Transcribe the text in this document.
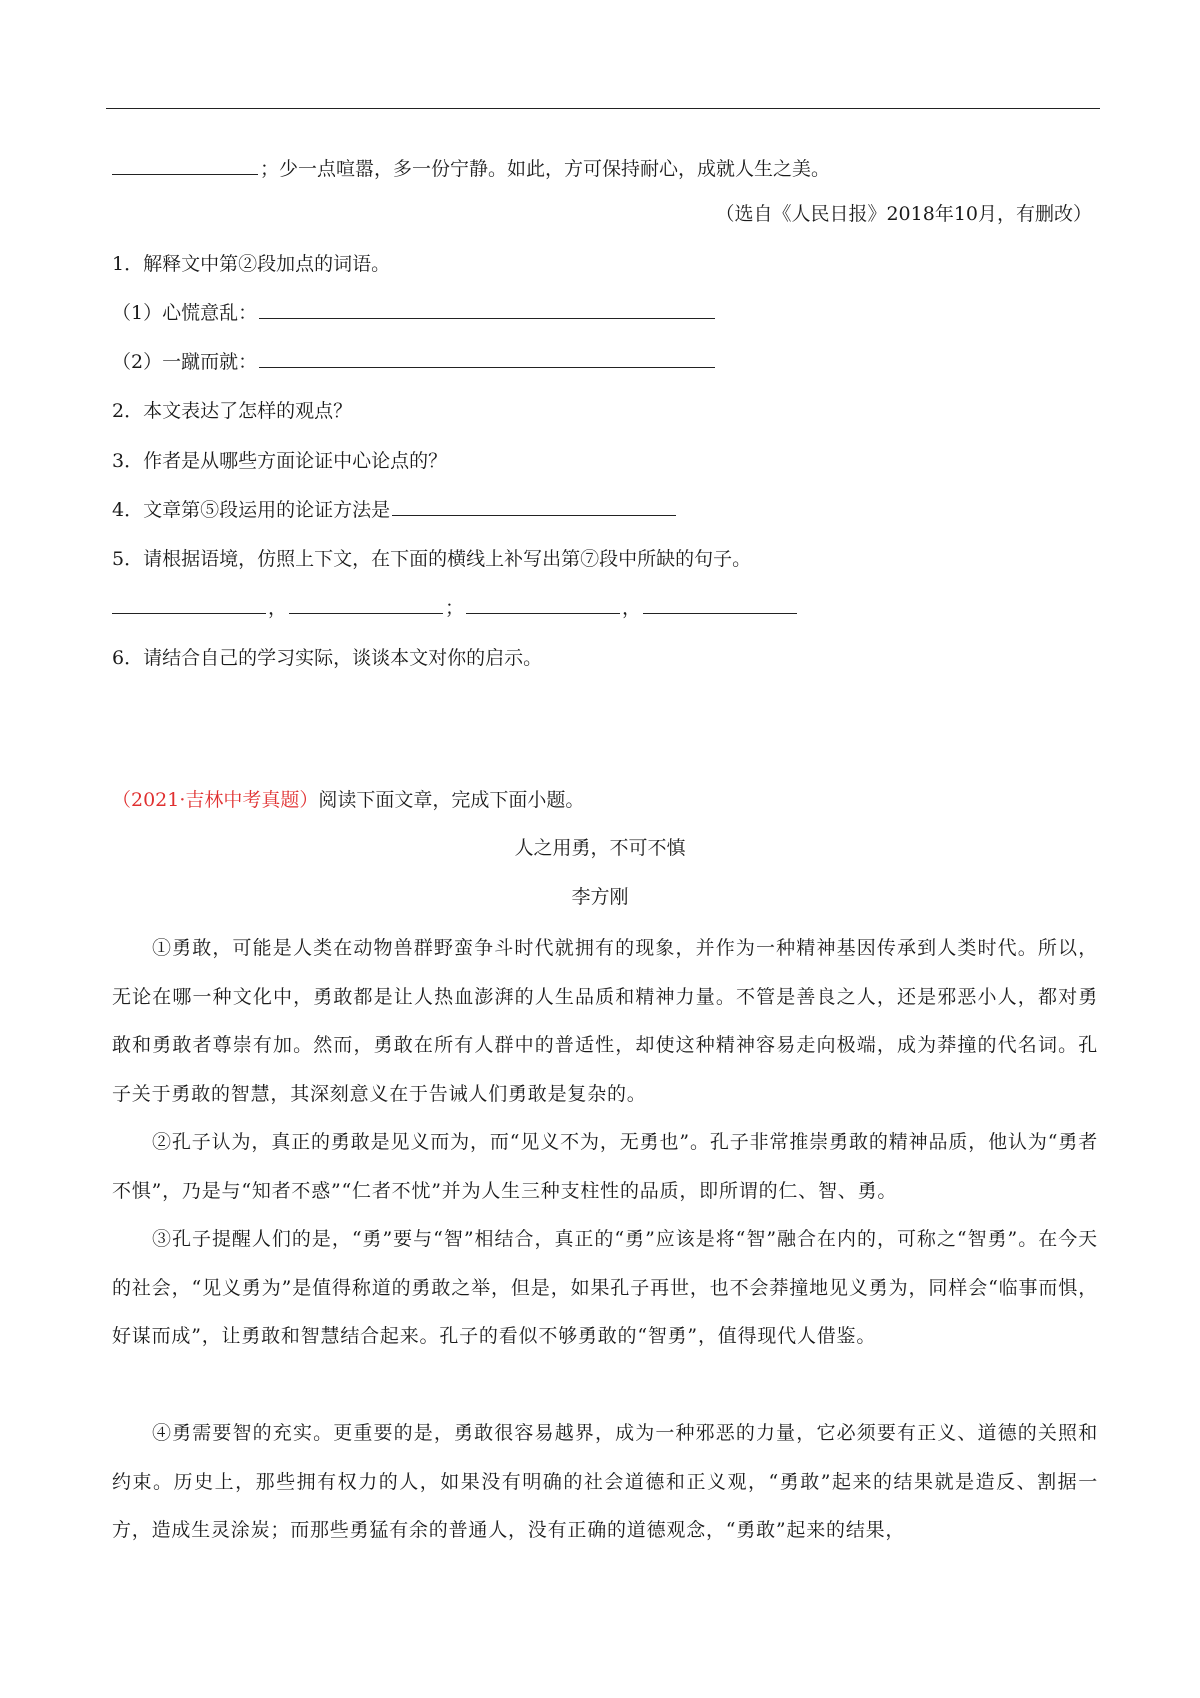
；少一点喧嚣，多一份宁静。如此，方可保持耐心，成就人生之美。
（选自《人民日报》2018年10月，有删改）
1．解释文中第②段加点的词语。
（1）心慌意乱：
（2）一蹴而就：
2．本文表达了怎样的观点？
3．作者是从哪些方面论证中心论点的？
4．文章第⑤段运用的论证方法是
5．请根据语境，仿照上下文，在下面的横线上补写出第⑦段中所缺的句子。
，	；	，
6．请结合自己的学习实际，谈谈本文对你的启示。
（2021·吉林中考真题）阅读下面文章，完成下面小题。
人之用勇，不可不慎
李方刚
①勇敢，可能是人类在动物兽群野蛮争斗时代就拥有的现象，并作为一种精神基因传承到人类时代。所以，无论在哪一种文化中，勇敢都是让人热血澎湃的人生品质和精神力量。不管是善良之人，还是邪恶小人，都对勇敢和勇敢者尊崇有加。然而，勇敢在所有人群中的普适性，却使这种精神容易走向极端，成为莽撞的代名词。孔子关于勇敢的智慧，其深刻意义在于告诫人们勇敢是复杂的。
②孔子认为，真正的勇敢是见义而为，而“见义不为，无勇也”。孔子非常推崇勇敢的精神品质，他认为“勇者不惧”，乃是与“知者不惑”“仁者不忧”并为人生三种支柱性的品质，即所谓的仁、智、勇。
③孔子提醒人们的是，“勇”要与“智”相结合，真正的“勇”应该是将“智”融合在内的，可称之“智勇”。在今天的社会，“见义勇为”是值得称道的勇敢之举，但是，如果孔子再世，也不会莽撞地见义勇为，同样会“临事而惧，好谋而成”，让勇敢和智慧结合起来。孔子的看似不够勇敢的“智勇”，值得现代人借鉴。
④勇需要智的充实。更重要的是，勇敢很容易越界，成为一种邪恶的力量，它必须要有正义、道德的关照和约束。历史上，那些拥有权力的人，如果没有明确的社会道德和正义观，“勇敢”起来的结果就是造反、割据一方，造成生灵涂炭；而那些勇猛有余的普通人，没有正确的道德观念，“勇敢”起来的结果，
